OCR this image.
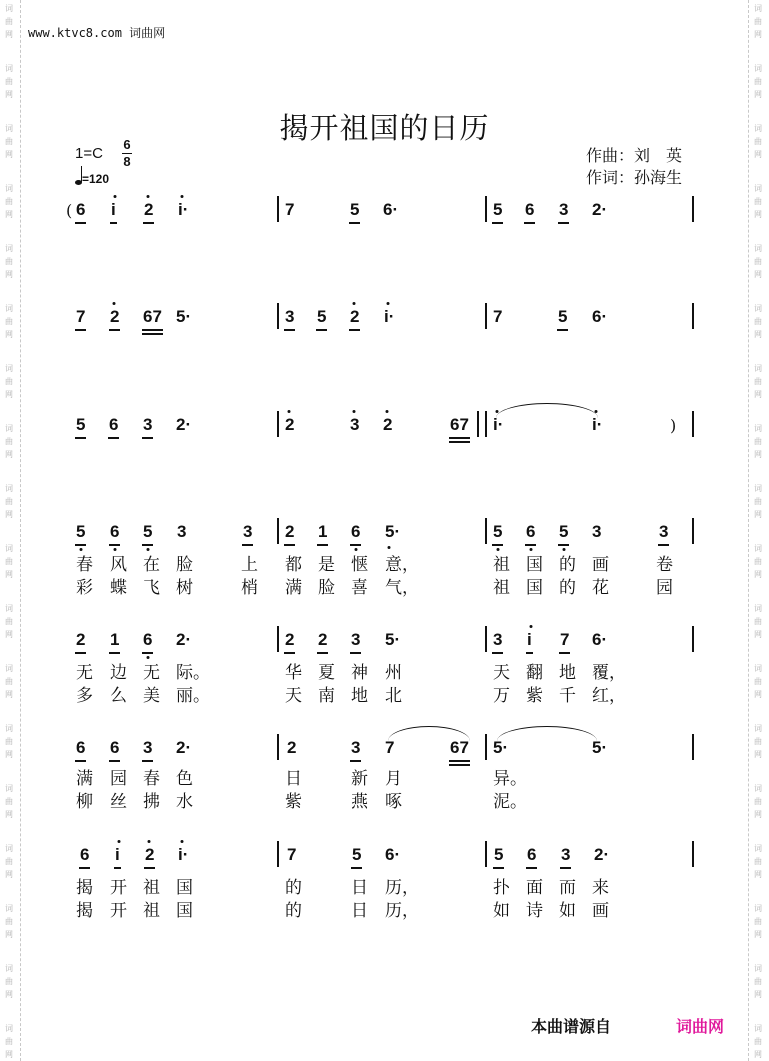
词
曲
网
词
曲
网
词
曲
网
词
曲
网
词
曲
网
词
曲
网
词
曲
网
词
曲
网
词
曲
网
词
曲
网
词
曲
网
词
曲
网
词
曲
网
词
曲
网
词
曲
网
词
曲
网
词
曲
网
词
曲
网
词
曲
网
词
曲
网
词
曲
网
词
曲
网
词
曲
网
词
曲
网
词
曲
网
词
曲
网
词
曲
网
词
曲
网
词
曲
网
词
曲
网
词
曲
网
词
曲
网
词
曲
网
词
曲
网
词
曲
网
词
曲
网
www.ktvc8.com 词曲网
揭开祖国的日历
1=C
6
8
=120
作曲：刘　英
作词：孙海生
( 6 i 2 i·	7	5 6·	5 6 3 2·
7 2 67 5·	3 5 2 i·	7	5 6·
5 6 3 2·	2	3 2	67 i·	i·	)
5 6 5 3	3 2 1 6 5·	5 6 5 3	3
春 风 在 脸	上 都 是 惬 意，	祖 国 的 画	卷
彩 蝶 飞 树	梢 满 脸 喜 气，	祖 国 的 花	园
2 1 6 2·	2 2 3 5·	3 i 7 6·
无 边 无 际。	华 夏 神 州	天 翻 地 覆，
多 么 美 丽。	天 南 地 北	万 紫 千 红，
6 6 3 2·	2	3 7	67 5·	5·
满 园 春 色	日	新 月	异。
柳 丝 拂 水	紫	燕 啄	泥。
6 i 2 i·	7	5 6·	5 6 3 2·
揭 开 祖 国	的	日 历，	扑 面 而 来
揭 开 祖 国	的	日 历，	如 诗 如 画
本曲谱源自	词曲网
